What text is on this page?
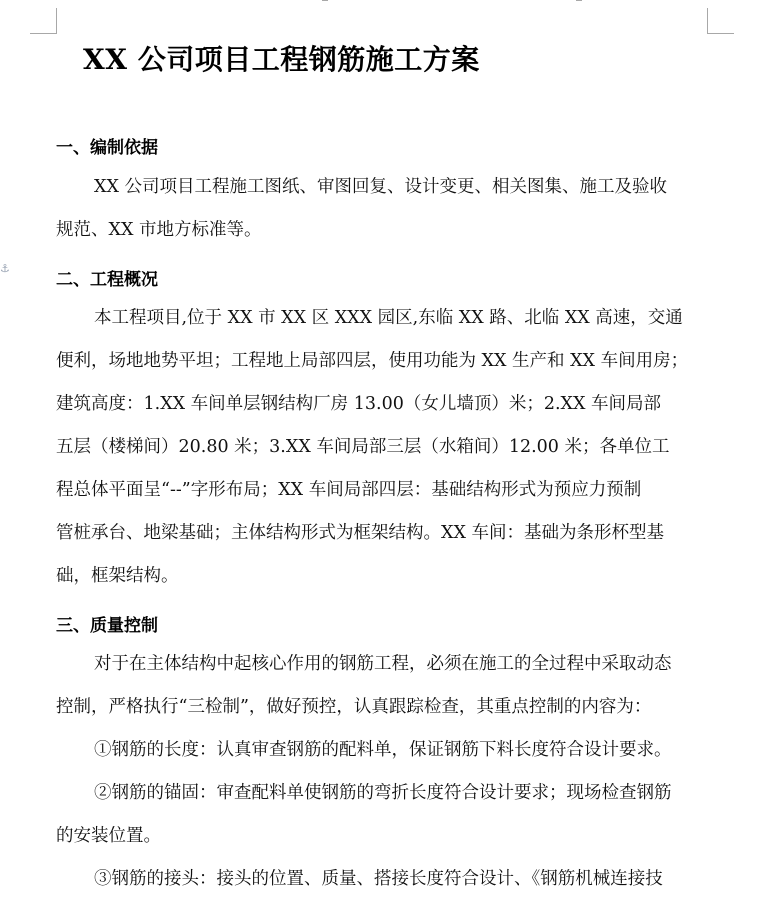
⚓
XX 公司项目工程钢筋施工方案
一、编制依据
XX 公司项目工程施工图纸、审图回复、设计变更、相关图集、施工及验收
规范、XX 市地方标准等。
二、工程概况
本工程项目,位于 XX 市 XX 区 XXX 园区,东临 XX 路、北临 XX 高速，交通
便利，场地地势平坦；工程地上局部四层，使用功能为 XX 生产和 XX 车间用房；
建筑高度：1.XX 车间单层钢结构厂房 13.00（女儿墙顶）米；2.XX 车间局部
五层（楼梯间）20.80 米；3.XX 车间局部三层（水箱间）12.00 米；各单位工
程总体平面呈“--”字形布局；XX 车间局部四层：基础结构形式为预应力预制
管桩承台、地梁基础；主体结构形式为框架结构。XX 车间：基础为条形杯型基
础，框架结构。
三、质量控制
对于在主体结构中起核心作用的钢筋工程，必须在施工的全过程中采取动态
控制，严格执行“三检制”，做好预控，认真跟踪检查，其重点控制的内容为：
①钢筋的长度：认真审查钢筋的配料单，保证钢筋下料长度符合设计要求。
②钢筋的锚固：审查配料单使钢筋的弯折长度符合设计要求；现场检查钢筋
的安装位置。
③钢筋的接头：接头的位置、质量、搭接长度符合设计、《钢筋机械连接技
